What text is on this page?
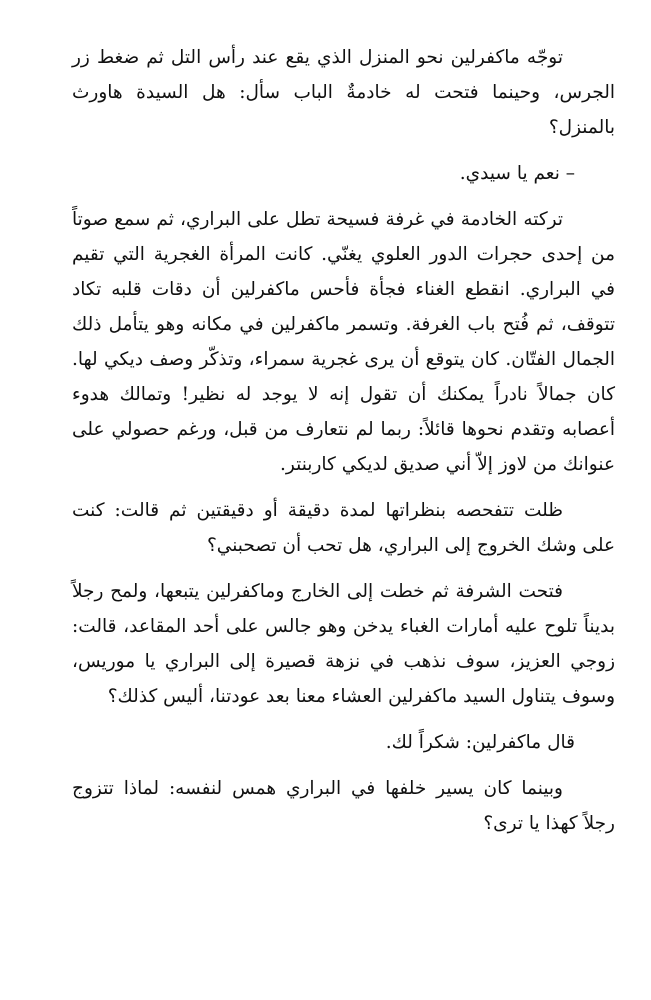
توجّه ماكفرلين نحو المنزل الذي يقع عند رأس التل ثم ضغط زر الجرس، وحينما فتحت له خادمةٌ الباب سأل: هل السيدة هاورث بالمنزل؟

– نعم يا سيدي.

تركته الخادمة في غرفة فسيحة تطل على البراري، ثم سمع صوتاً من إحدى حجرات الدور العلوي يغنّي. كانت المرأة الغجرية التي تقيم في البراري. انقطع الغناء فجأة فأحس ماكفرلين أن دقات قلبه تكاد تتوقف، ثم فُتح باب الغرفة. وتسمر ماكفرلين في مكانه وهو يتأمل ذلك الجمال الفتّان. كان يتوقع أن يرى غجرية سمراء، وتذكّر وصف ديكي لها. كان جمالاً نادراً يمكنك أن تقول إنه لا يوجد له نظير! وتمالك هدوء أعصابه وتقدم نحوها قائلاً: ربما لم نتعارف من قبل، ورغم حصولي على عنوانك من لاوز إلاّ أني صديق لديكي كاربنتر.

ظلت تتفحصه بنظراتها لمدة دقيقة أو دقيقتين ثم قالت: كنت على وشك الخروج إلى البراري، هل تحب أن تصحبني؟

فتحت الشرفة ثم خطت إلى الخارج وماكفرلين يتبعها، ولمح رجلاً بديناً تلوح عليه أمارات الغباء يدخن وهو جالس على أحد المقاعد، قالت: زوجي العزيز، سوف نذهب في نزهة قصيرة إلى البراري يا موريس، وسوف يتناول السيد ماكفرلين العشاء معنا بعد عودتنا، أليس كذلك؟

قال ماكفرلين: شكراً لك.

وبينما كان يسير خلفها في البراري همس لنفسه: لماذا تتزوج رجلاً كهذا يا ترى؟
